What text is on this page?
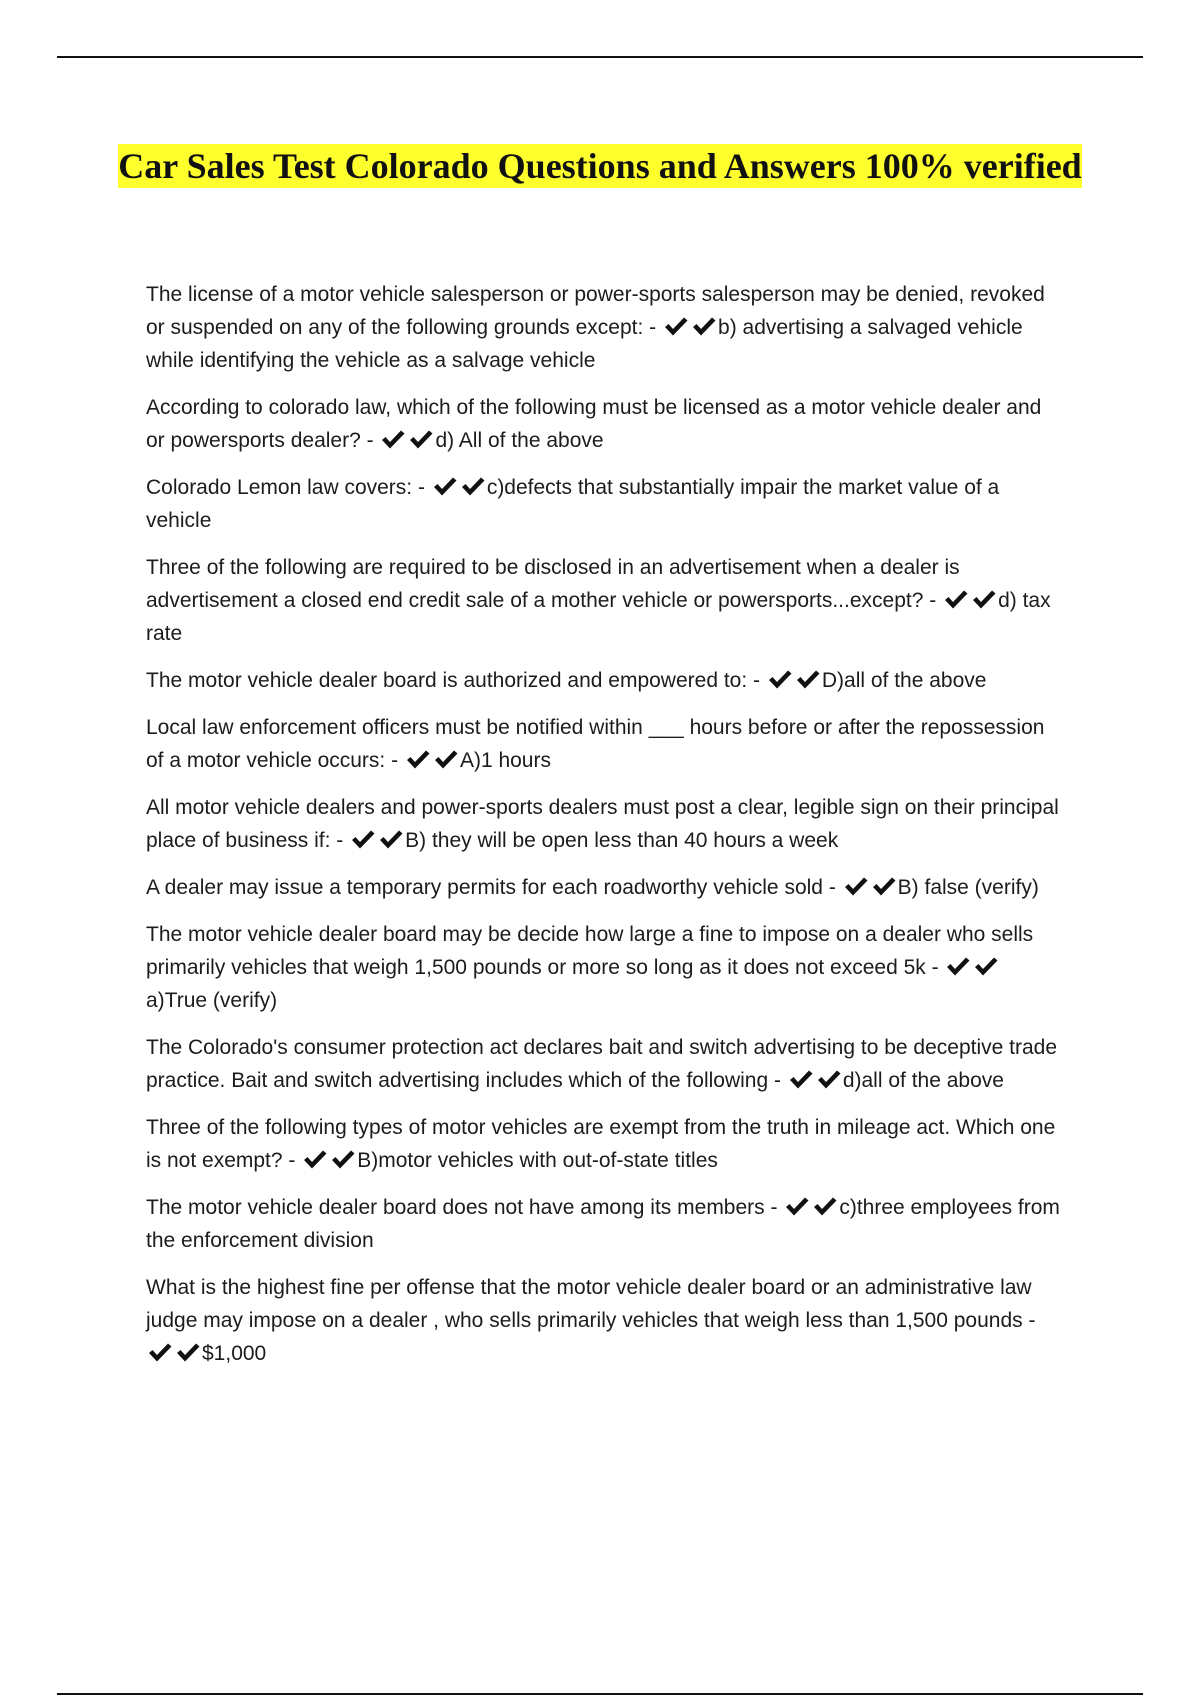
Car Sales Test Colorado Questions and Answers 100% verified

The license of a motor vehicle salesperson or power-sports salesperson may be denied, revoked or suspended on any of the following grounds except: -	b) advertising a salvaged vehicle while identifying the vehicle as a salvage vehicle

According to colorado law, which of the following must be licensed as a motor vehicle dealer and or powersports dealer? -	d) All of the above

Colorado Lemon law covers: -	c)defects that substantially impair the market value of a vehicle

Three of the following are required to be disclosed in an advertisement when a dealer is advertisement a closed end credit sale of a mother vehicle or powersports...except? -	d) tax rate

The motor vehicle dealer board is authorized and empowered to: -	D)all of the above

Local law enforcement officers must be notified within ___ hours before or after the repossession of a motor vehicle occurs: -	A)1 hours

All motor vehicle dealers and power-sports dealers must post a clear, legible sign on their principal place of business if: -	B) they will be open less than 40 hours a week

A dealer may issue a temporary permits for each roadworthy vehicle sold -	B) false (verify)

The motor vehicle dealer board may be decide how large a fine to impose on a dealer who sells primarily vehicles that weigh 1,500 pounds or more so long as it does not exceed 5k -
a)True (verify)

The Colorado's consumer protection act declares bait and switch advertising to be deceptive trade practice. Bait and switch advertising includes which of the following -	d)all of the above

Three of the following types of motor vehicles are exempt from the truth in mileage act. Which one is not exempt? -	B)motor vehicles with out-of-state titles

The motor vehicle dealer board does not have among its members -	c)three employees from the enforcement division

What is the highest fine per offense that the motor vehicle dealer board or an administrative law judge may impose on a dealer , who sells primarily vehicles that weigh less than 1,500 pounds -
$1,000
